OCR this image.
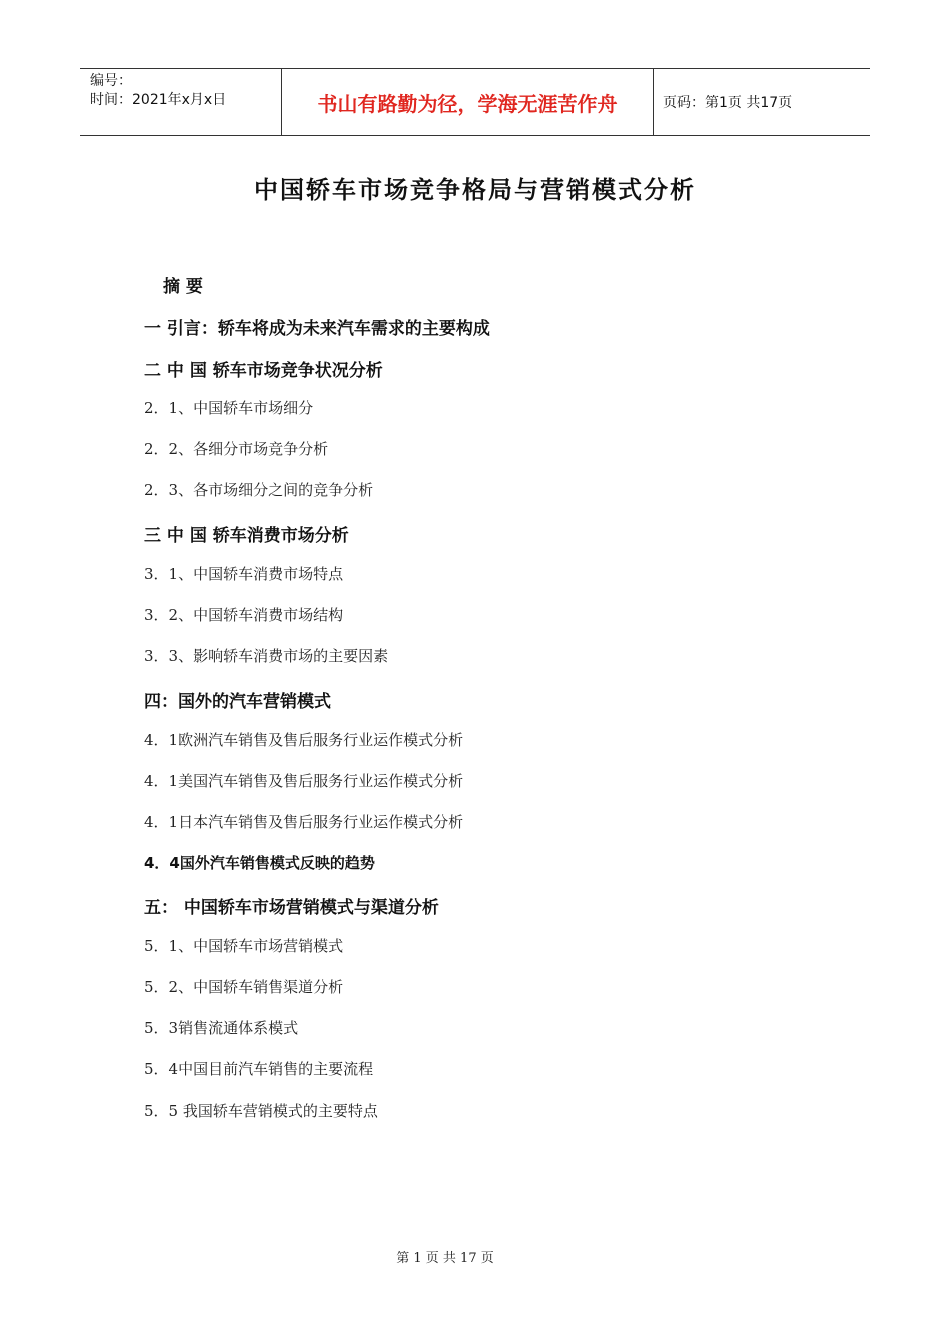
编号：
时间：2021年x月x日	书山有路勤为径，学海无涯苦作舟	页码：第1页 共17页
中国轿车市场竞争格局与营销模式分析
摘 要
一 引言：轿车将成为未来汽车需求的主要构成
二 中 国 轿车市场竞争状况分析
2．1、中国轿车市场细分
2．2、各细分市场竞争分析
2．3、各市场细分之间的竞争分析
三 中 国 轿车消费市场分析
3．1、中国轿车消费市场特点
3．2、中国轿车消费市场结构
3．3、影响轿车消费市场的主要因素
四：国外的汽车营销模式
4．1欧洲汽车销售及售后服务行业运作模式分析
4．1美国汽车销售及售后服务行业运作模式分析
4．1日本汽车销售及售后服务行业运作模式分析
4．4国外汽车销售模式反映的趋势
五： 中国轿车市场营销模式与渠道分析
5．1、中国轿车市场营销模式
5．2、中国轿车销售渠道分析
5．3销售流通体系模式
5．4中国目前汽车销售的主要流程
5．5 我国轿车营销模式的主要特点
第 1 页 共 17 页
